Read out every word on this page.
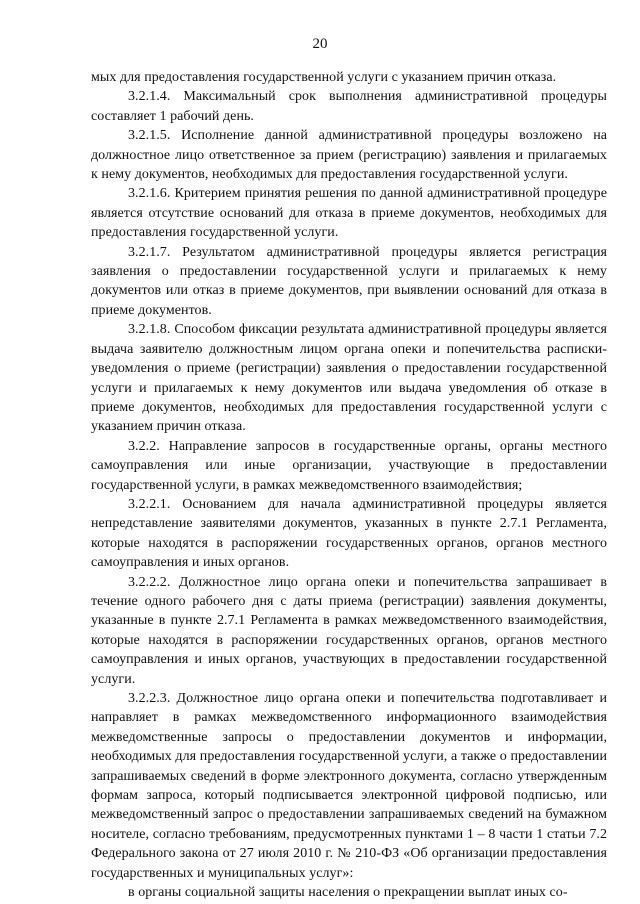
20

мых для предоставления государственной услуги с указанием причин отказа.

3.2.1.4. Максимальный срок выполнения административной процедуры составляет 1 рабочий день.

3.2.1.5. Исполнение данной административной процедуры возложено на должностное лицо ответственное за прием (регистрацию) заявления и прилагаемых к нему документов, необходимых для предоставления государственной услуги.

3.2.1.6. Критерием принятия решения по данной административной процедуре является отсутствие оснований для отказа в приеме документов, необходимых для предоставления государственной услуги.

3.2.1.7. Результатом административной процедуры является регистрация заявления о предоставлении государственной услуги и прилагаемых к нему документов или отказ в приеме документов, при выявлении оснований для отказа в приеме документов.

3.2.1.8. Способом фиксации результата административной процедуры является выдача заявителю должностным лицом органа опеки и попечительства расписки-уведомления о приеме (регистрации) заявления о предоставлении государственной услуги и прилагаемых к нему документов или выдача уведомления об отказе в приеме документов, необходимых для предоставления государственной услуги с указанием причин отказа.

3.2.2. Направление запросов в государственные органы, органы местного самоуправления или иные организации, участвующие в предоставлении государственной услуги, в рамках межведомственного взаимодействия;

3.2.2.1. Основанием для начала административной процедуры является непредставление заявителями документов, указанных в пункте 2.7.1 Регламента, которые находятся в распоряжении государственных органов, органов местного самоуправления и иных органов.

3.2.2.2. Должностное лицо органа опеки и попечительства запрашивает в течение одного рабочего дня с даты приема (регистрации) заявления документы, указанные в пункте 2.7.1 Регламента в рамках межведомственного взаимодействия, которые находятся в распоряжении государственных органов, органов местного самоуправления и иных органов, участвующих в предоставлении государственной услуги.

3.2.2.3. Должностное лицо органа опеки и попечительства подготавливает и направляет в рамках межведомственного информационного взаимодействия межведомственные запросы о предоставлении документов и информации, необходимых для предоставления государственной услуги, а также о предоставлении запрашиваемых сведений в форме электронного документа, согласно утвержденным формам запроса, который подписывается электронной цифровой подписью, или межведомственный запрос о предоставлении запрашиваемых сведений на бумажном носителе, согласно требованиям, предусмотренных пунктами 1 – 8 части 1 статьи 7.2 Федерального закона от 27 июля 2010 г. № 210-ФЗ «Об организации предоставления государственных и муниципальных услуг»:

в органы социальной защиты населения о прекращении выплат иных со-
